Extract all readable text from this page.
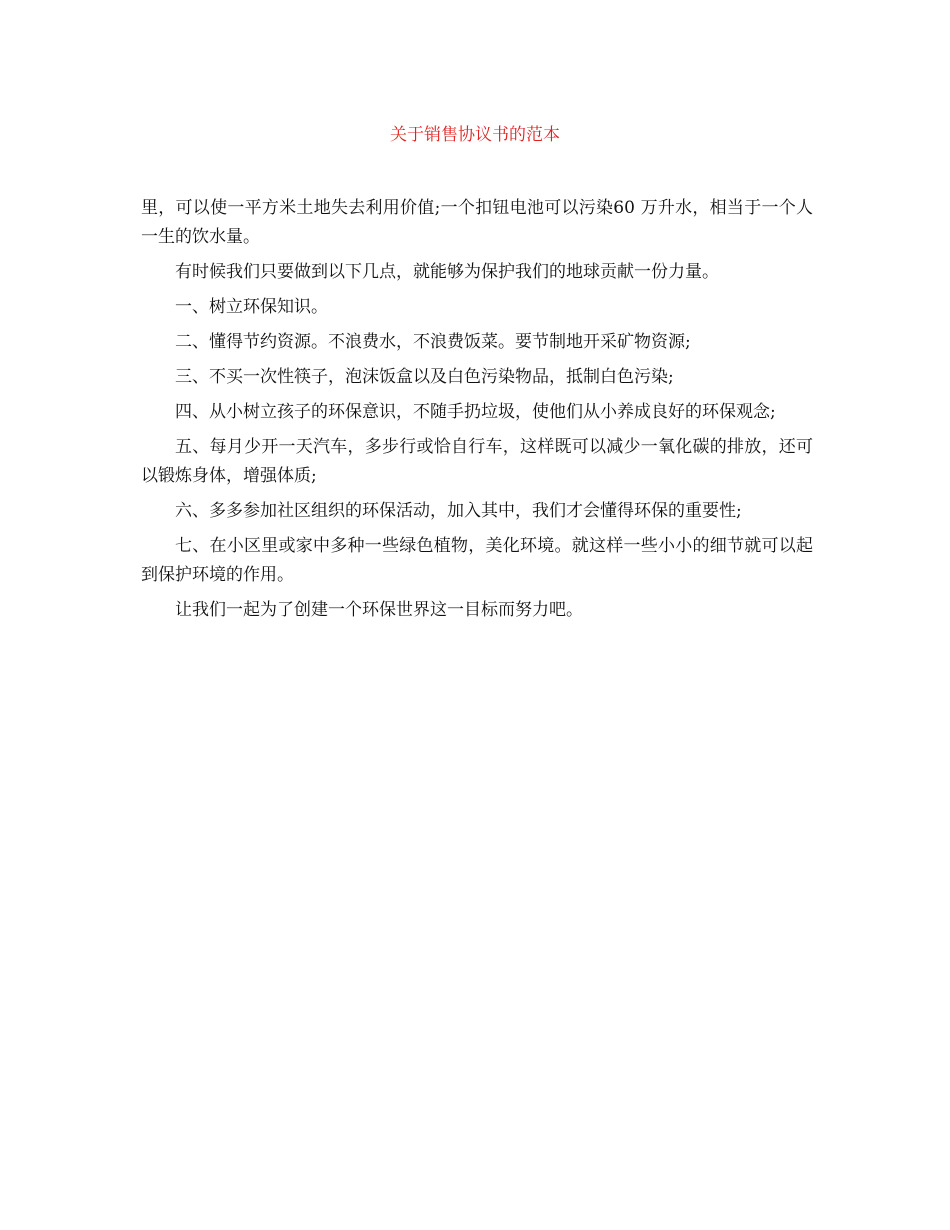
关于销售协议书的范本

里，可以使一平方米土地失去利用价值;一个扣钮电池可以污染60 万升水，相当于一个人一生的饮水量。

有时候我们只要做到以下几点，就能够为保护我们的地球贡献一份力量。

一、树立环保知识。

二、懂得节约资源。不浪费水，不浪费饭菜。要节制地开采矿物资源;

三、不买一次性筷子，泡沫饭盒以及白色污染物品，抵制白色污染;

四、从小树立孩子的环保意识，不随手扔垃圾，使他们从小养成良好的环保观念;

五、每月少开一天汽车，多步行或恰自行车，这样既可以减少一氧化碳的排放，还可以锻炼身体，增强体质;

六、多多参加社区组织的环保活动，加入其中，我们才会懂得环保的重要性;

七、在小区里或家中多种一些绿色植物，美化环境。就这样一些小小的细节就可以起到保护环境的作用。

让我们一起为了创建一个环保世界这一目标而努力吧。
